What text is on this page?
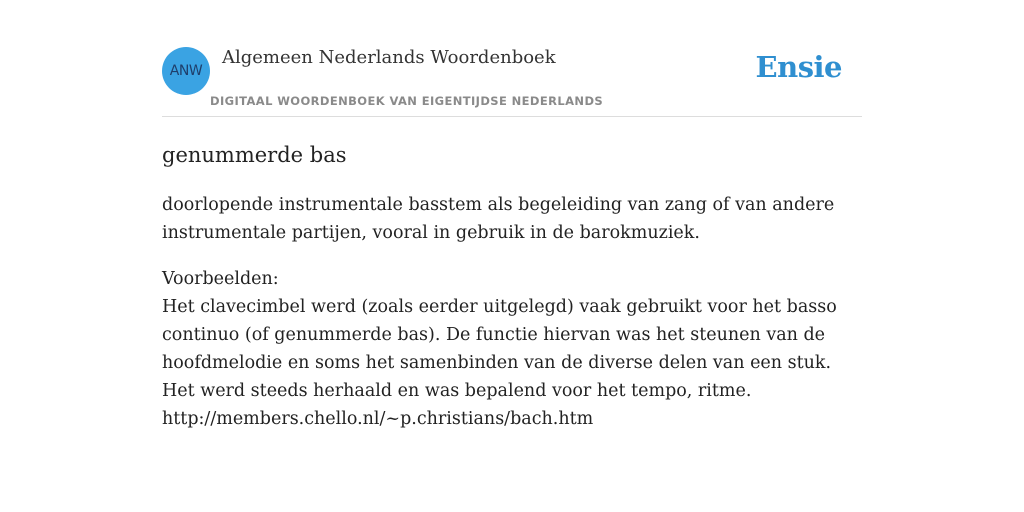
ANW
Algemeen Nederlands Woordenboek
DIGITAAL WOORDENBOEK VAN EIGENTIJDSE NEDERLANDS
Ensie
genummerde bas

doorlopende instrumentale basstem als begeleiding van zang of van andere instrumentale partijen, vooral in gebruik in de barokmuziek.

Voorbeelden:
Het clavecimbel werd (zoals eerder uitgelegd) vaak gebruikt voor het basso continuo (of genummerde bas). De functie hiervan was het steunen van de hoofdmelodie en soms het samenbinden van de diverse delen van een stuk. Het werd steeds herhaald en was bepalend voor het tempo, ritme.
http://members.chello.nl/~p.christians/bach.htm
